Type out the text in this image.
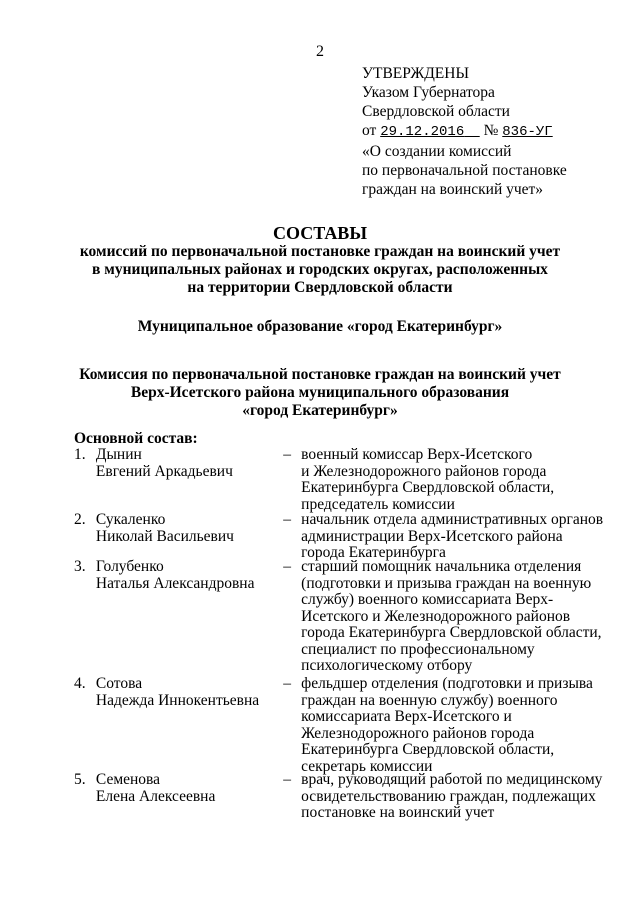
2
УТВЕРЖДЕНЫ
Указом Губернатора
Свердловской области
от 29.12.2016 № 836-УГ
«О создании комиссий
по первоначальной постановке
граждан на воинский учет»
СОСТАВЫ
комиссий по первоначальной постановке граждан на воинский учет
в муниципальных районах и городских округах, расположенных
на территории Свердловской области
Муниципальное образование «город Екатеринбург»
Комиссия по первоначальной постановке граждан на воинский учет
Верх-Исетского района муниципального образования
«город Екатеринбург»
Основной состав:
1. Дынин
Евгений Аркадьевич
– военный комиссар Верх-Исетского
и Железнодорожного районов города
Екатеринбурга Свердловской области,
председатель комиссии
2. Сукаленко
Николай Васильевич
– начальник отдела административных органов
администрации Верх-Исетского района
города Екатеринбурга
3. Голубенко
Наталья Александровна
– старший помощник начальника отделения
(подготовки и призыва граждан на военную
службу) военного комиссариата Верх-
Исетского и Железнодорожного районов
города Екатеринбурга Свердловской области,
специалист по профессиональному
психологическому отбору
4. Сотова
Надежда Иннокентьевна
– фельдшер отделения (подготовки и призыва
граждан на военную службу) военного
комиссариата Верх-Исетского и
Железнодорожного районов города
Екатеринбурга Свердловской области,
секретарь комиссии
5. Семенова
Елена Алексеевна
– врач, руководящий работой по медицинскому
освидетельствованию граждан, подлежащих
постановке на воинский учет
